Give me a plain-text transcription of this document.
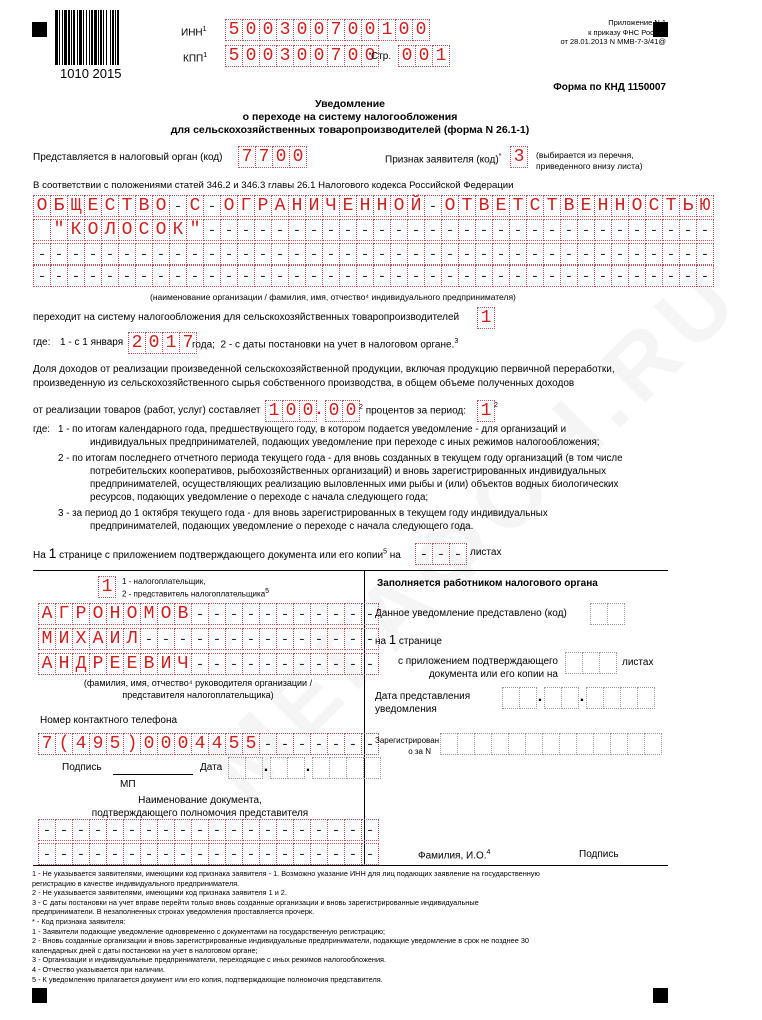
1010 2015
ИНН$^1$ 5 0 0 3 0 0 7 0 0 1 0 0
КПП$^1$ 5 0 0 3 0 0 7 0 0
Стр. 0 0 1
Приложение N 1
к приказу ФНС России
от 28.01.2013 N ММВ-7-3/41@
Форма по КНД 1150007
Уведомление
о переходе на систему налогообложения
для сельскохозяйственных товаропроизводителей (форма N 26.1-1)
Представляется в налоговый орган (код) 7 7 0 0	Признак заявителя (код)* 3	(выбирается из перечня,
приведенного внизу листа)
В соответствии с положениями статей 346.2 и 346.3 главы 26.1 Налогового кодекса Российской Федерации
О Б Щ Е С Т В О - С - О Г Р А Н И Ч Е Н Н О Й - О Т В Е Т С Т В Е Н Н О С Т Ь Ю
" К О Л О С О К "
-
-
-
-
-
-
-
-
-
-
-
-
-
-
-
-
-
-
-
-
-
-
-
-
-
-
-
-
-
-
-
-
-
-
-
-
-
-
-
-
-
-
-
-
-
-
-
-
-
-
-
-
-
-
-
-
-
-
-
-
-
-
-
-
-
-
-
-
-
-
-
-
-
-
-
-
-
-
-
-
-
-
-
-
-
-
-
-
-
-
-
-
-
-
-
-
-
-
-
-
-
-
-
-
-
-
-
-
-
-
(наименование организации / фамилия, имя, отчество⁴ индивидуального предпринимателя)
переходит на систему налогообложения для сельскохозяйственных товаропроизводителей 1
где: 1 - с 1 января 2 0 1 7
года; 2 - с даты постановки на учет в налоговом органе.$^3$
Доля доходов от реализации произведенной сельскохозяйственной продукции, включая продукцию первичной переработки,
произведенную из сельскохозяйственного сырья собственного производства, в общем объеме полученных доходов
от реализации товаров (работ, услуг) составляет 1 0 0 . 0 0 $^2$ процентов за период: 1 $^2$
где: 1 - по итогам календарного года, предшествующего году, в котором подается уведомление - для организаций и
индивидуальных предпринимателей, подающих уведомление при переходе с иных режимов налогообложения;
2 - по итогам последнего отчетного периода текущего года - для вновь созданных в текущем году организаций (в том числе
потребительских кооперативов, рыбохозяйственных организаций) и вновь зарегистрированных индивидуальных
предпринимателей, осуществляющих реализацию выловленных ими рыбы и (или) объектов водных биологических
ресурсов, подающих уведомление о переходе с начала следующего года;
3 - за период до 1 октября текущего года - для вновь зарегистрированных в текущем году индивидуальных
предпринимателей, подающих уведомление о переходе с начала следующего года.
На 1 странице с приложением подтверждающего документа или его копии$^5$ на - - -	листах
1	1 - налогоплательщик,
2 - представитель налогоплательщика$^5$
А Г Р О Н О М О В
-
-
-
-
-
-
-
-
-
-
-
М И Х А И Л
-
-
-
-
-
-
-
-
-
-
-
-
-
-
А Н Д Р Е Е В И Ч
-
-
-
-
-
-
-
-
-
-
-
(фамилия, имя, отчество⁴ руководителя организации /
представителя налогоплательщика)
Номер контактного телефона
7 ( 4 9 5 ) 0 0 0 4 4 5 5
-
-
-
-
-
-
-
Подпись	Дата	. .
МП
Наименование документа,
подтверждающего полномочия представителя
-
-
-
-
-
-
-
-
-
-
-
-
-
-
-
-
-
-
-
-
-
-
-
-
-
-
-
-
-
-
-
-
-
-
-
-
-
-
-
-
Заполняется работником налогового органа
Данное уведомление представлено (код)
на 1 странице
с приложением подтверждающего
документа или его копии на
листах
Дата представления
уведомления
. .
Зарегистрирован
о за N
Фамилия, И.О.$^4$	Подпись
1 - Не указывается заявителями, имеющими код признака заявителя - 1. Возможно указание ИНН для лиц подающих заявление на государственную
регистрацию в качестве индивидуального предпринимателя.
2 - Не указывается заявителями, имеющими код признака заявителя 1 и 2.
3 - С даты постановки на учет вправе перейти только вновь созданные организации и вновь зарегистрированные индивидуальные
предприниматели. В незаполненных строках уведомления проставляется прочерк.
* - Код признака заявителя:
1 - Заявители подающие уведомление одновременно с документами на государственную регистрацию;
2 - Вновь созданные организации и вновь зарегистрированные индивидуальные предприниматели, подающие уведомление в срок не позднее 30
календарных дней с даты постановки на учет в налоговом органе;
3 - Организации и индивидуальные предприниматели, переходящие с иных режимов налогообложения.
4 - Отчество указывается при наличии.
5 - К уведомлению прилагается документ или его копия, подтверждающие полномочия представителя.
